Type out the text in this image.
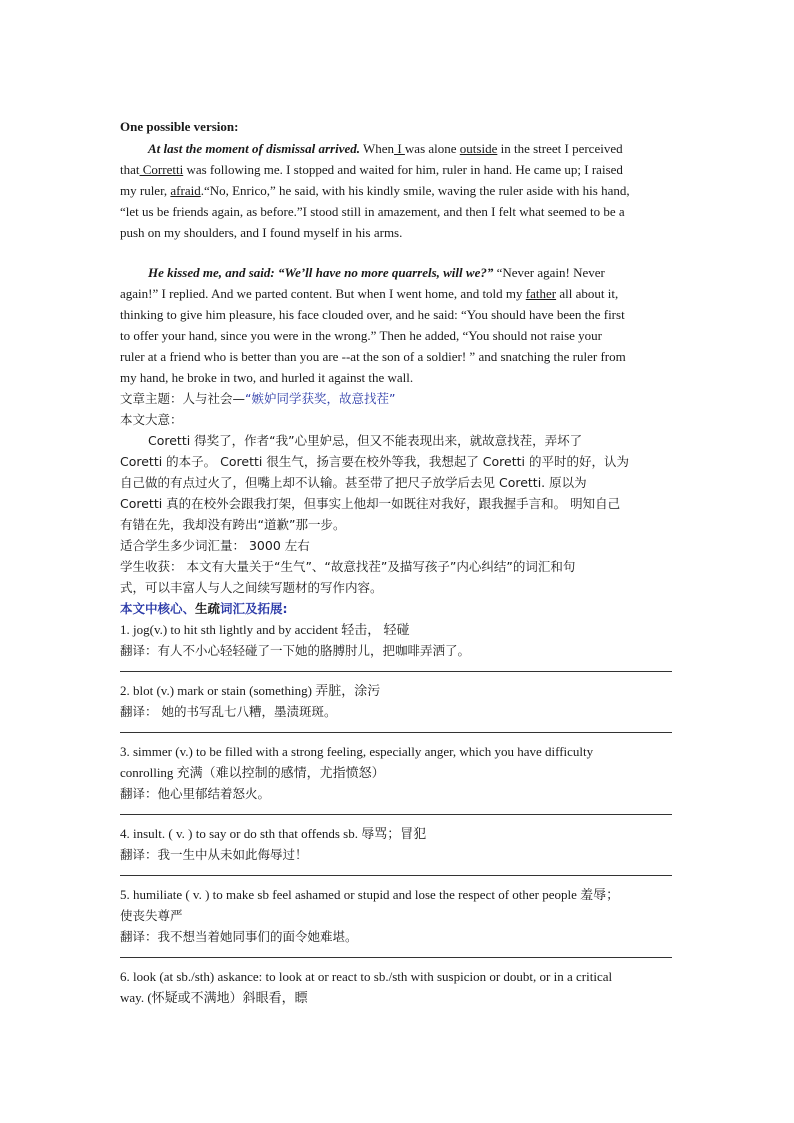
One possible version:
At last the moment of dismissal arrived. When I was alone outside in the street I perceived
that Corretti was following me. I stopped and waited for him, ruler in hand. He came up; I raised
my ruler, afraid.“No, Enrico,” he said, with his kindly smile, waving the ruler aside with his hand,
“let us be friends again, as before.”I stood still in amazement, and then I felt what seemed to be a
push on my shoulders, and I found myself in his arms.
He kissed me, and said: “We’ll have no more quarrels, will we?” “Never again! Never
again!” I replied. And we parted content. But when I went home, and told my father all about it,
thinking to give him pleasure, his face clouded over, and he said: “You should have been the first
to offer your hand, since you were in the wrong.” Then he added, “You should not raise your
ruler at a friend who is better than you are --at the son of a soldier! ” and snatching the ruler from
my hand, he broke in two, and hurled it against the wall.
文章主题：人与社会—“嫉妒同学获奖，故意找茬”
本文大意：
Coretti 得奖了，作者“我”心里妒忌，但又不能表现出来，就故意找茬，弄坏了
Coretti 的本子。 Coretti 很生气，扬言要在校外等我，我想起了 Coretti 的平时的好，认为
自己做的有点过火了，但嘴上却不认输。甚至带了把尺子放学后去见 Coretti. 原以为
Coretti 真的在校外会跟我打架，但事实上他却一如既往对我好，跟我握手言和。 明知自己
有错在先，我却没有跨出“道歉”那一步。
适合学生多少词汇量： 3000 左右
学生收获： 本文有大量关于“生气”、“故意找茬”及描写孩子”内心纠结”的词汇和句
式，可以丰富人与人之间续写题材的写作内容。
本文中核心、生疏词汇及拓展:
1. jog(v.) to hit sth lightly and by accident 轻击， 轻碰
翻译：有人不小心轻轻碰了一下她的胳膊肘儿，把咖啡弄洒了。
2. blot (v.) mark or stain (something) 弄脏，涂污
翻译： 她的书写乱七八糟，墨渍斑斑。
3. simmer (v.) to be filled with a strong feeling, especially anger, which you have difficulty
conrolling 充满（难以控制的感情，尤指愤怒）
翻译：他心里郁结着怒火。
4. insult. ( v. ) to say or do sth that offends sb. 辱骂；冒犯
翻译：我一生中从未如此侮辱过！
5. humiliate ( v. ) to make sb feel ashamed or stupid and lose the respect of other people 羞辱；
使丧失尊严
翻译：我不想当着她同事们的面令她难堪。
6. look (at sb./sth) askance: to look at or react to sb./sth with suspicion or doubt, or in a critical
way. (怀疑或不满地）斜眼看，瞟
